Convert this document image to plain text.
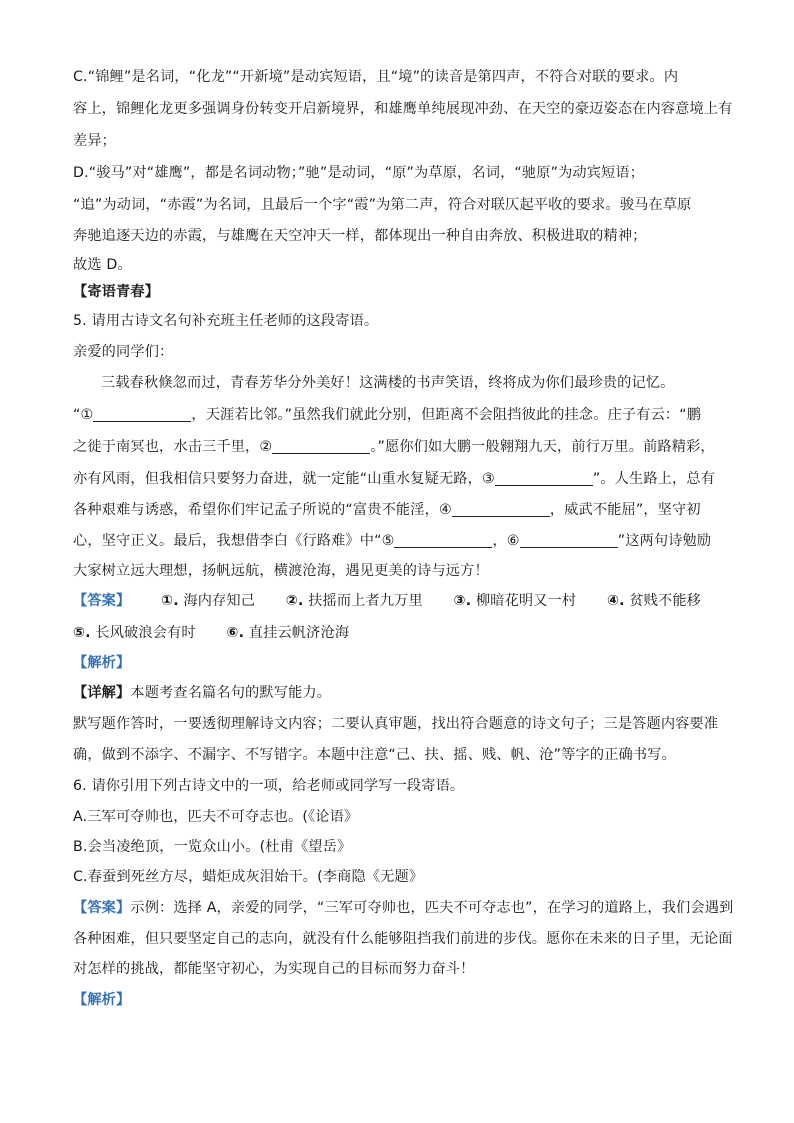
C.“锦鲤”是名词，“化龙”“开新境”是动宾短语，且“境”的读音是第四声，不符合对联的要求。内
容上，锦鲤化龙更多强调身份转变开启新境界，和雄鹰单纯展现冲劲、在天空的豪迈姿态在内容意境上有
差异；
D.“骏马”对“雄鹰”，都是名词动物；”驰”是动词，“原”为草原，名词，“驰原”为动宾短语；
“追”为动词，“赤霞”为名词，且最后一个字“霞”为第二声，符合对联仄起平收的要求。骏马在草原
奔驰追逐天边的赤霞，与雄鹰在天空冲天一样，都体现出一种自由奔放、积极进取的精神；
故选 D。
【寄语青春】
5. 请用古诗文名句补充班主任老师的这段寄语。
亲爱的同学们：
三载春秋倏忽而过，青春芳华分外美好！这满楼的书声笑语，终将成为你们最珍贵的记忆。
“①	，天涯若比邻。”虽然我们就此分别，但距离不会阻挡彼此的挂念。庄子有云：“鹏
之徙于南冥也，水击三千里，②	。”愿你们如大鹏一般翱翔九天，前行万里。前路精彩，
亦有风雨，但我相信只要努力奋进，就一定能“山重水复疑无路，③	”。人生路上，总有
各种艰难与诱惑，希望你们牢记孟子所说的“富贵不能淫，④	，威武不能屈”，坚守初
心，坚守正义。最后，我想借李白《行路难》中“⑤	，⑥	”这两句诗勉励
大家树立远大理想，扬帆远航，横渡沧海，遇见更美的诗与远方！
【答案】 ①. 海内存知己 ②. 扶摇而上者九万里 ③. 柳暗花明又一村 ④. 贫贱不能移
⑤. 长风破浪会有时 ⑥. 直挂云帆济沧海
【解析】
【详解】本题考查名篇名句的默写能力。
默写题作答时，一要透彻理解诗文内容；二要认真审题，找出符合题意的诗文句子；三是答题内容要准
确，做到不添字、不漏字、不写错字。本题中注意“己、扶、摇、贱、帆、沧”等字的正确书写。
6. 请你引用下列古诗文中的一项，给老师或同学写一段寄语。
A.三军可夺帅也，匹夫不可夺志也。(《论语》
B.会当凌绝顶，一览众山小。(杜甫《望岳》
C.春蚕到死丝方尽，蜡炬成灰泪始干。(李商隐《无题》
【答案】示例：选择 A，亲爱的同学，“三军可夺帅也，匹夫不可夺志也”，在学习的道路上，我们会遇到
各种困难，但只要坚定自己的志向，就没有什么能够阻挡我们前进的步伐。愿你在未来的日子里，无论面
对怎样的挑战，都能坚守初心，为实现自己的目标而努力奋斗！
【解析】
